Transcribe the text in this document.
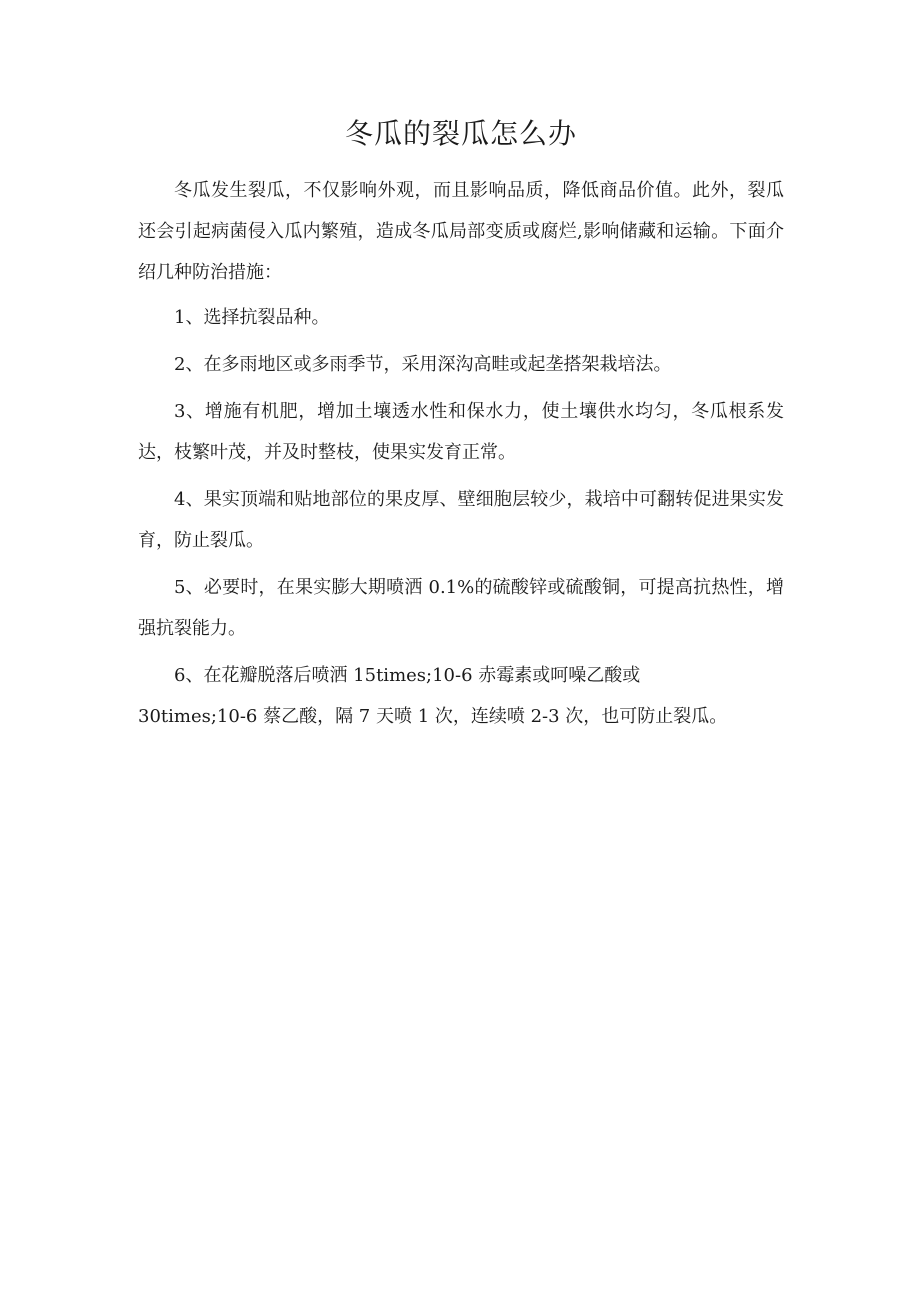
冬瓜的裂瓜怎么办

冬瓜发生裂瓜，不仅影响外观，而且影响品质，降低商品价值。此外，裂瓜还会引起病菌侵入瓜内繁殖，造成冬瓜局部变质或腐烂,影响储藏和运输。下面介绍几种防治措施：

1、选择抗裂品种。

2、在多雨地区或多雨季节，采用深沟高畦或起垄搭架栽培法。

3、增施有机肥，增加土壤透水性和保水力，使土壤供水均匀，冬瓜根系发达，枝繁叶茂，并及时整枝，使果实发育正常。

4、果实顶端和贴地部位的果皮厚、壁细胞层较少，栽培中可翻转促进果实发育，防止裂瓜。

5、必要时，在果实膨大期喷洒 0.1%的硫酸锌或硫酸铜，可提高抗热性，增强抗裂能力。

6、在花瓣脱落后喷洒 15times;10-6 赤霉素或呵噪乙酸或
30times;10-6 蔡乙酸，隔 7 天喷 1 次，连续喷 2-3 次，也可防止裂瓜。
